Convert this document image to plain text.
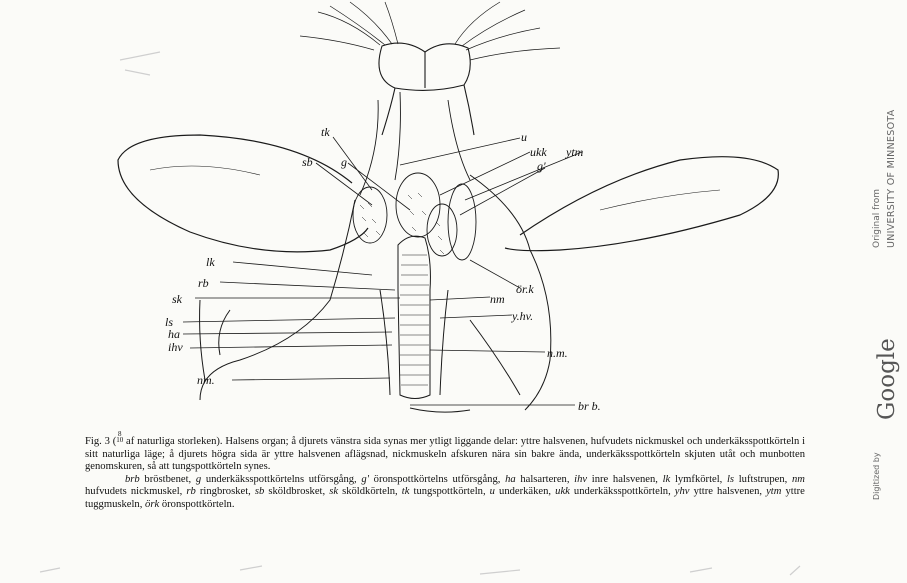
tk
sb g
u
ukk ytm
g'
lk
rb
sk
ls
ha
ihv
ör.k
nm
y.hv.
n.m.
nm.
br b.

Fig. 3 (8
10 af naturliga storleken). Halsens organ; å djurets vänstra sida synas mer ytligt liggande delar: yttre halsvenen, hufvudets nickmuskel och underkäksspottkörteln i sitt naturliga läge; å djurets högra sida är yttre halsvenen aflägsnad, nickmuskeln afskuren nära sin bakre ända, underkäksspottkörteln skjuten utåt och munbotten genomskuren, så att tungspottkörteln synes.

brb bröstbenet, g underkäksspottkörtelns utförsgång, g' öronspottkörtelns utförsgång, ha halsarteren, ihv inre halsvenen, lk lymfkörtel, ls luftstrupen, nm hufvudets nickmuskel, rb ringbrosket, sb sköldbrosket, sk sköldkörteln, tk tungspottkörteln, u underkäken, ukk underkäksspottkörteln, yhv yttre halsvenen, ytm yttre tuggmuskeln, örk öronspottkörteln.

Original from UNIVERSITY OF MINNESOTA
Digitized by
Google
